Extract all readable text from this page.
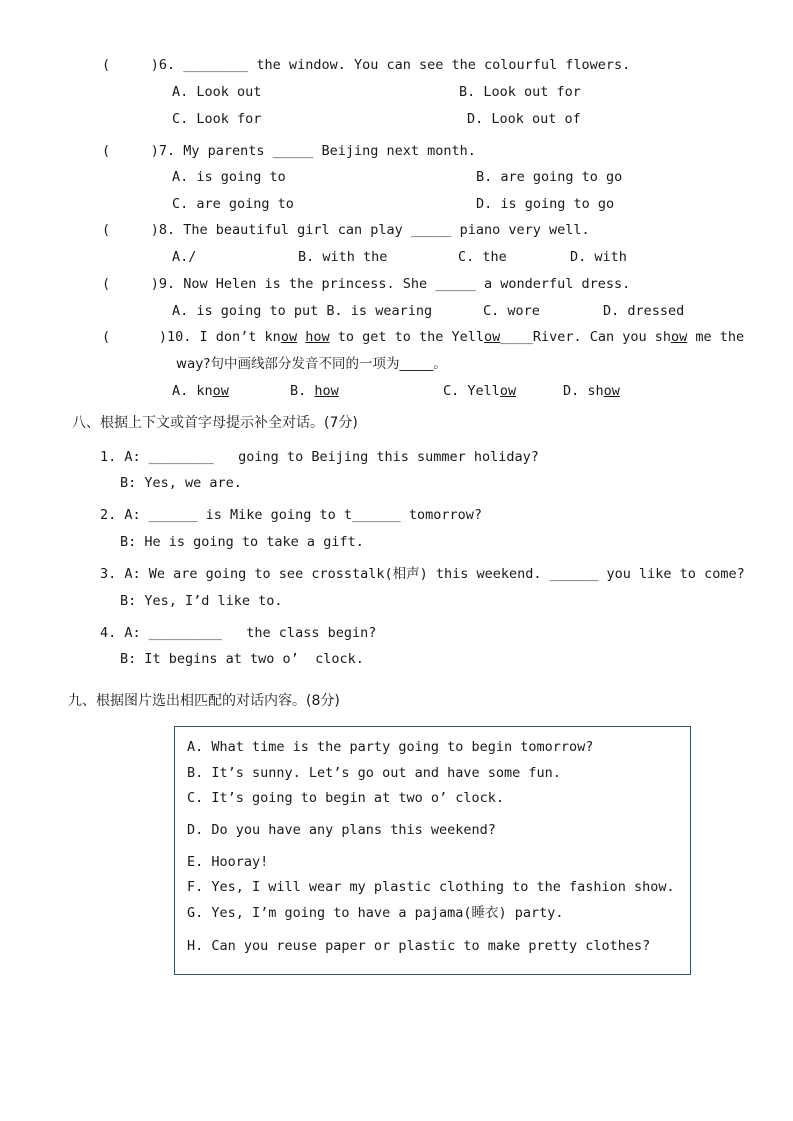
(     )6. ________ the window. You can see the colourful flowers.
A. Look out	B. Look out for
C. Look for	D. Look out of
(     )7. My parents _____ Beijing next month.
A. is going to	B. are going to go
C. are going to	D. is going to go
(     )8. The beautiful girl can play _____ piano very well.
A./	B. with the	C. the	D. with
(     )9. Now Helen is the princess. She _____ a wonderful dress.
A. is going to put B. is wearing	C. wore	D. dressed
(      )10. I don’t know how to get to the Yellow____River. Can you show me the
way?句中画线部分发音不同的一项为_____。
A. know	B. how	C. Yellow	D. show
八、根据上下文或首字母提示补全对话。(7分)
1. A: ________   going to Beijing this summer holiday?
B: Yes, we are.
2. A: ______ is Mike going to t______ tomorrow?
B: He is going to take a gift.
3. A: We are going to see crosstalk(相声) this weekend. ______ you like to come?
B: Yes, I’d like to.
4. A: _________   the class begin?
B: It begins at two o’  clock.
九、根据图片选出相匹配的对话内容。(8分)
A. What time is the party going to begin tomorrow?
B. It’s sunny. Let’s go out and have some fun.
C. It’s going to begin at two o’ clock.
D. Do you have any plans this weekend?
E. Hooray!
F. Yes, I will wear my plastic clothing to the fashion show.
G. Yes, I’m going to have a pajama(睡衣) party.
H. Can you reuse paper or plastic to make pretty clothes?
